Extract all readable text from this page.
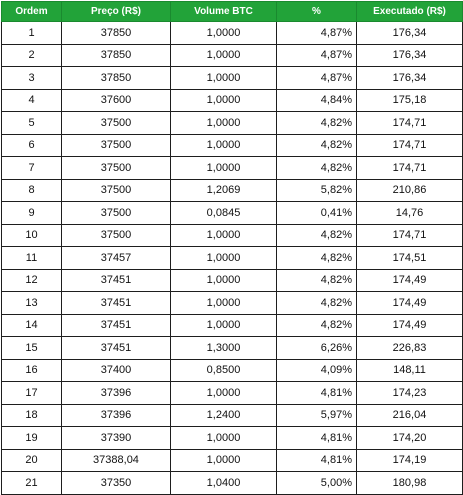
Ordem	Preço (R$)	Volume BTC	%	Executado (R$)
1	37850	1,0000	4,87%	176,34
2	37850	1,0000	4,87%	176,34
3	37850	1,0000	4,87%	176,34
4	37600	1,0000	4,84%	175,18
5	37500	1,0000	4,82%	174,71
6	37500	1,0000	4,82%	174,71
7	37500	1,0000	4,82%	174,71
8	37500	1,2069	5,82%	210,86
9	37500	0,0845	0,41%	14,76
10	37500	1,0000	4,82%	174,71
11	37457	1,0000	4,82%	174,51
12	37451	1,0000	4,82%	174,49
13	37451	1,0000	4,82%	174,49
14	37451	1,0000	4,82%	174,49
15	37451	1,3000	6,26%	226,83
16	37400	0,8500	4,09%	148,11
17	37396	1,0000	4,81%	174,23
18	37396	1,2400	5,97%	216,04
19	37390	1,0000	4,81%	174,20
20	37388,04	1,0000	4,81%	174,19
21	37350	1,0400	5,00%	180,98
